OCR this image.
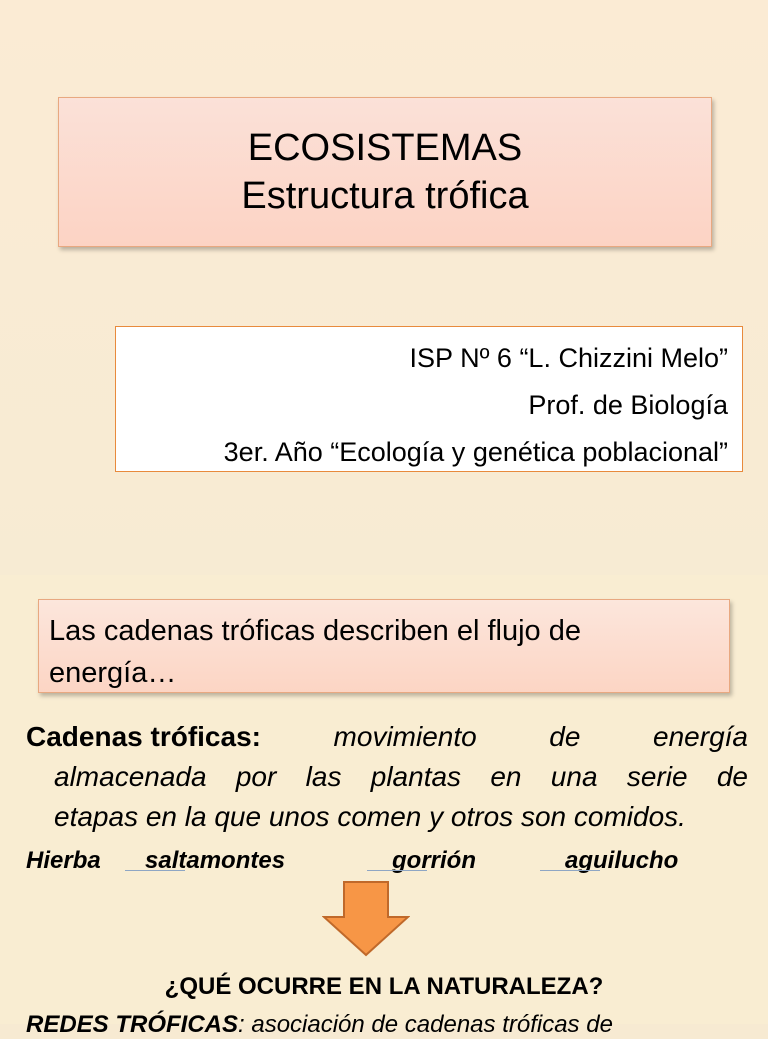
ECOSISTEMAS
Estructura trófica
ISP Nº 6 “L. Chizzini Melo”
Prof. de Biología
3er. Año “Ecología y genética poblacional”
Las cadenas tróficas describen el flujo de
energía…
Cadenas tróficas:	movimiento	de	energía
almacenada por las plantas en una serie de
etapas en la que unos comen y otros son comidos.
Hierba saltamontes	gorrión	aguilucho
¿QUÉ OCURRE EN LA NATURALEZA?
REDES TRÓFICAS: asociación de cadenas tróficas de
